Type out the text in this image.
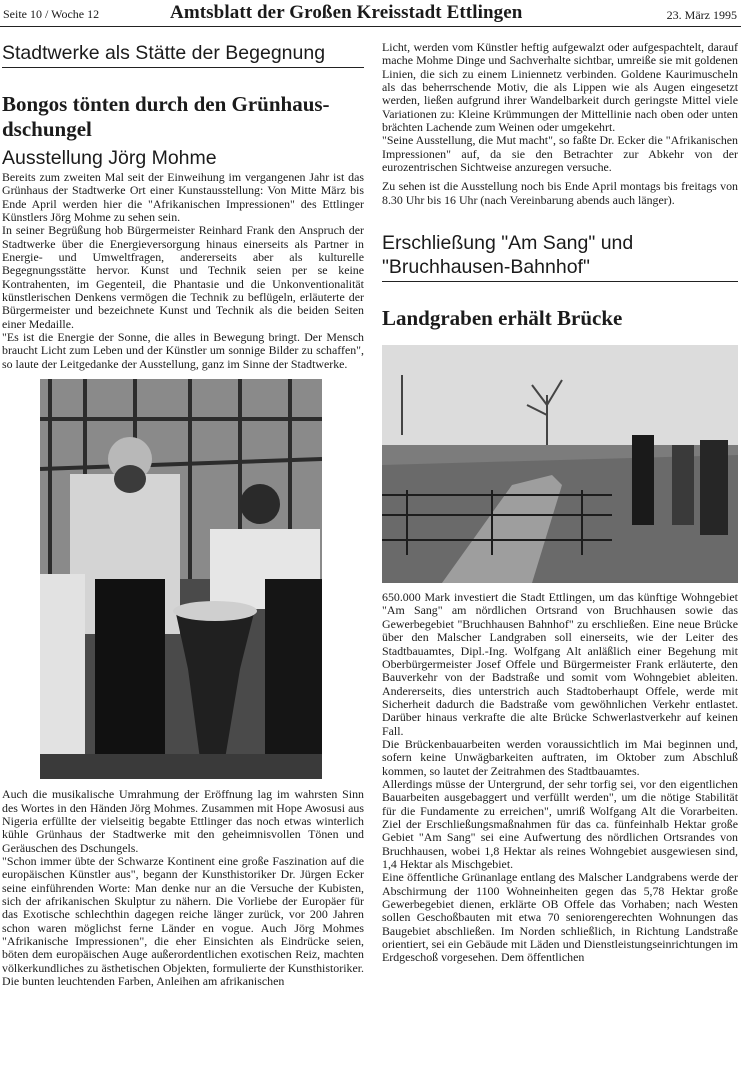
Seite 10 / Woche 12	Amtsblatt der Großen Kreisstadt Ettlingen	23. März 1995
Stadtwerke als Stätte der Begegnung
Bongos tönten durch den Grünhaus-dschungel
Ausstellung Jörg Mohme

Bereits zum zweiten Mal seit der Einweihung im vergangenen Jahr ist das Grünhaus der Stadtwerke Ort einer Kunstausstellung: Von Mitte März bis Ende April werden hier die "Afrikanischen Impressionen" des Ettlinger Künstlers Jörg Mohme zu sehen sein.

In seiner Begrüßung hob Bürgermeister Reinhard Frank den Anspruch der Stadtwerke über die Energieversorgung hinaus einerseits als Partner in Energie- und Umweltfragen, andererseits aber als kulturelle Begegnungsstätte hervor. Kunst und Technik seien per se keine Kontrahenten, im Gegenteil, die Phantasie und die Unkonventionalität künstlerischen Denkens vermögen die Technik zu beflügeln, erläuterte der Bürgermeister und bezeichnete Kunst und Technik als die beiden Seiten einer Medaille.

"Es ist die Energie der Sonne, die alles in Bewegung bringt. Der Mensch braucht Licht zum Leben und der Künstler um sonnige Bilder zu schaffen", so laute der Leitgedanke der Ausstellung, ganz im Sinne der Stadtwerke.

Auch die musikalische Umrahmung der Eröffnung lag im wahrsten Sinn des Wortes in den Händen Jörg Mohmes. Zusammen mit Hope Awosusi aus Nigeria erfüllte der vielseitig begabte Ettlinger das noch etwas winterlich kühle Grünhaus der Stadtwerke mit den geheimnisvollen Tönen und Geräuschen des Dschungels.

"Schon immer übte der Schwarze Kontinent eine große Faszination auf die europäischen Künstler aus", begann der Kunsthistoriker Dr. Jürgen Ecker seine einführenden Worte: Man denke nur an die Versuche der Kubisten, sich der afrikanischen Skulptur zu nähern. Die Vorliebe der Europäer für das Exotische schlechthin dagegen reiche länger zurück, vor 200 Jahren schon waren möglichst ferne Länder en vogue. Auch Jörg Mohmes "Afrikanische Impressionen", die eher Einsichten als Eindrücke seien, böten dem europäischen Auge außerordentlichen exotischen Reiz, machten völkerkundliches zu ästhetischen Objekten, formulierte der Kunsthistoriker. Die bunten leuchtenden Farben, Anleihen am afrikanischen

Licht, werden vom Künstler heftig aufgewalzt oder aufgespachtelt, darauf mache Mohme Dinge und Sachverhalte sichtbar, umreiße sie mit goldenen Linien, die sich zu einem Liniennetz verbinden. Goldene Kaurimuscheln als das beherrschende Motiv, die als Lippen wie als Augen eingesetzt werden, ließen aufgrund ihrer Wandelbarkeit durch geringste Mittel viele Variationen zu: Kleine Krümmungen der Mittellinie nach oben oder unten brächten Lachende zum Weinen oder umgekehrt.

"Seine Ausstellung, die Mut macht", so faßte Dr. Ecker die "Afrikanischen Impressionen" auf, da sie den Betrachter zur Abkehr von der eurozentrischen Sichtweise anzuregen versuche.

Zu sehen ist die Ausstellung noch bis Ende April montags bis freitags von 8.30 Uhr bis 16 Uhr (nach Vereinbarung abends auch länger).

Erschließung "Am Sang" und
"Bruchhausen-Bahnhof"
Landgraben erhält Brücke

650.000 Mark investiert die Stadt Ettlingen, um das künftige Wohngebiet "Am Sang" am nördlichen Ortsrand von Bruchhausen sowie das Gewerbegebiet "Bruchhausen Bahnhof" zu erschließen. Eine neue Brücke über den Malscher Landgraben soll einerseits, wie der Leiter des Stadtbauamtes, Dipl.-Ing. Wolfgang Alt anläßlich einer Begehung mit Oberbürgermeister Josef Offele und Bürgermeister Frank erläuterte, den Bauverkehr von der Badstraße und somit vom Wohngebiet ableiten. Andererseits, dies unterstrich auch Stadtoberhaupt Offele, werde mit Sicherheit dadurch die Badstraße vom gewöhnlichen Verkehr entlastet. Darüber hinaus verkrafte die alte Brücke Schwerlastverkehr auf keinen Fall.

Die Brückenbauarbeiten werden voraussichtlich im Mai beginnen und, sofern keine Unwägbarkeiten auftraten, im Oktober zum Abschluß kommen, so lautet der Zeitrahmen des Stadtbauamtes.

Allerdings müsse der Untergrund, der sehr torfig sei, vor den eigentlichen Bauarbeiten ausgebaggert und verfüllt werden", um die nötige Stabilität für die Fundamente zu erreichen", umriß Wolfgang Alt die Vorarbeiten. Ziel der Erschließungsmaßnahmen für das ca. fünfeinhalb Hektar große Gebiet "Am Sang" sei eine Aufwertung des nördlichen Ortsrandes von Bruchhausen, wobei 1,8 Hektar als reines Wohngebiet ausgewiesen sind, 1,4 Hektar als Mischgebiet.

Eine öffentliche Grünanlage entlang des Malscher Landgrabens werde der Abschirmung der 1100 Wohneinheiten gegen das 5,78 Hektar große Gewerbegebiet dienen, erklärte OB Offele das Vorhaben; nach Westen sollen Geschoßbauten mit etwa 70 seniorengerechten Wohnungen das Baugebiet abschließen. Im Norden schließlich, in Richtung Landstraße orientiert, sei ein Gebäude mit Läden und Dienstleistungseinrichtungen im Erdgeschoß vorgesehen. Dem öffentlichen
